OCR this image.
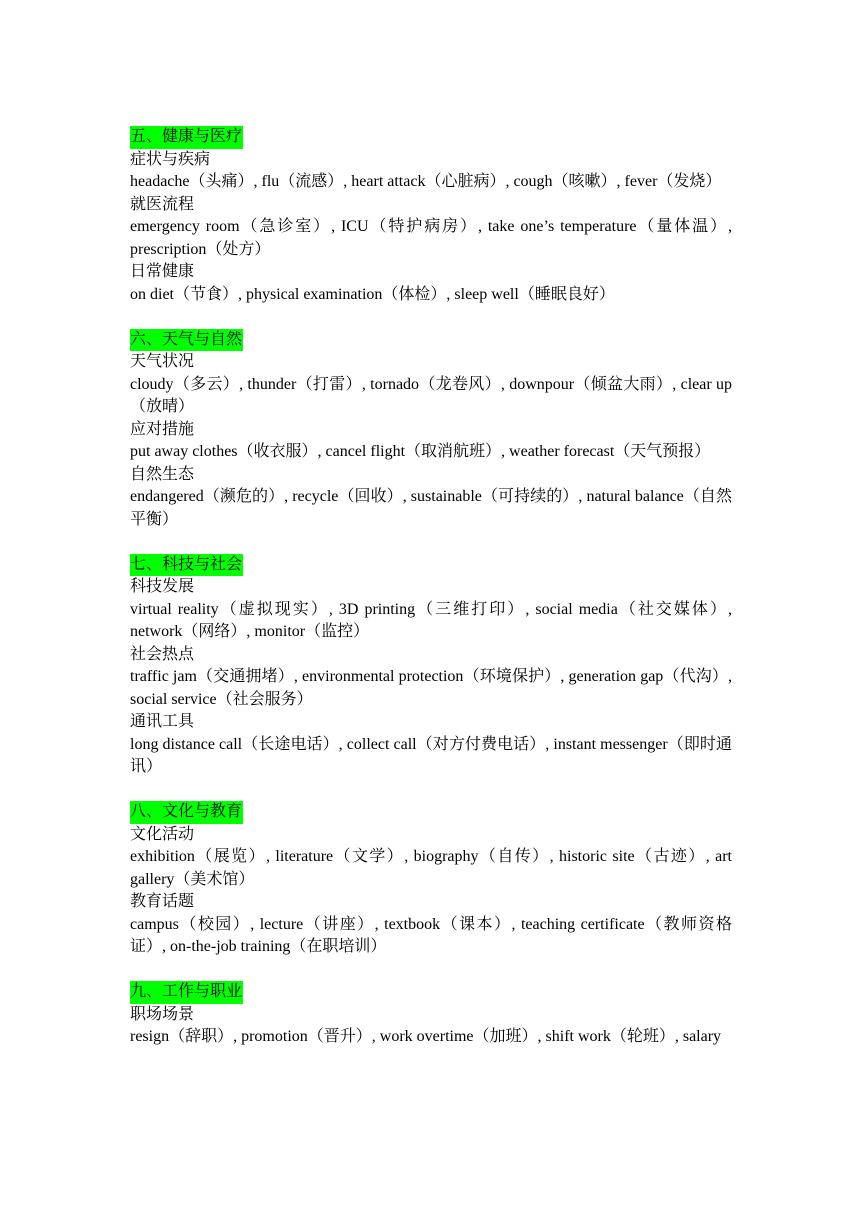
五、健康与医疗
症状与疾病
headache（头痛）, flu（流感）, heart attack（心脏病）, cough（咳嗽）, fever（发烧）
就医流程
emergency room（急诊室）, ICU（特护病房）, take one’s temperature（量体温）, prescription（处方）
日常健康
on diet（节食）, physical examination（体检）, sleep well（睡眠良好）
六、天气与自然
天气状况
cloudy（多云）, thunder（打雷）, tornado（龙卷风）, downpour（倾盆大雨）, clear up（放晴）
应对措施
put away clothes（收衣服）, cancel flight（取消航班）, weather forecast（天气预报）
自然生态
endangered（濒危的）, recycle（回收）, sustainable（可持续的）, natural balance（自然平衡）
七、科技与社会
科技发展
virtual reality（虚拟现实）, 3D printing（三维打印）, social media（社交媒体）, network（网络）, monitor（监控）
社会热点
traffic jam（交通拥堵）, environmental protection（环境保护）, generation gap（代沟）, social service（社会服务）
通讯工具
long distance call（长途电话）, collect call（对方付费电话）, instant messenger（即时通讯）
八、文化与教育
文化活动
exhibition（展览）, literature（文学）, biography（自传）, historic site（古迹）, art gallery（美术馆）
教育话题
campus（校园）, lecture（讲座）, textbook（课本）, teaching certificate（教师资格证）, on-the-job training（在职培训）
九、工作与职业
职场场景
resign（辞职）, promotion（晋升）, work overtime（加班）, shift work（轮班）, salary
